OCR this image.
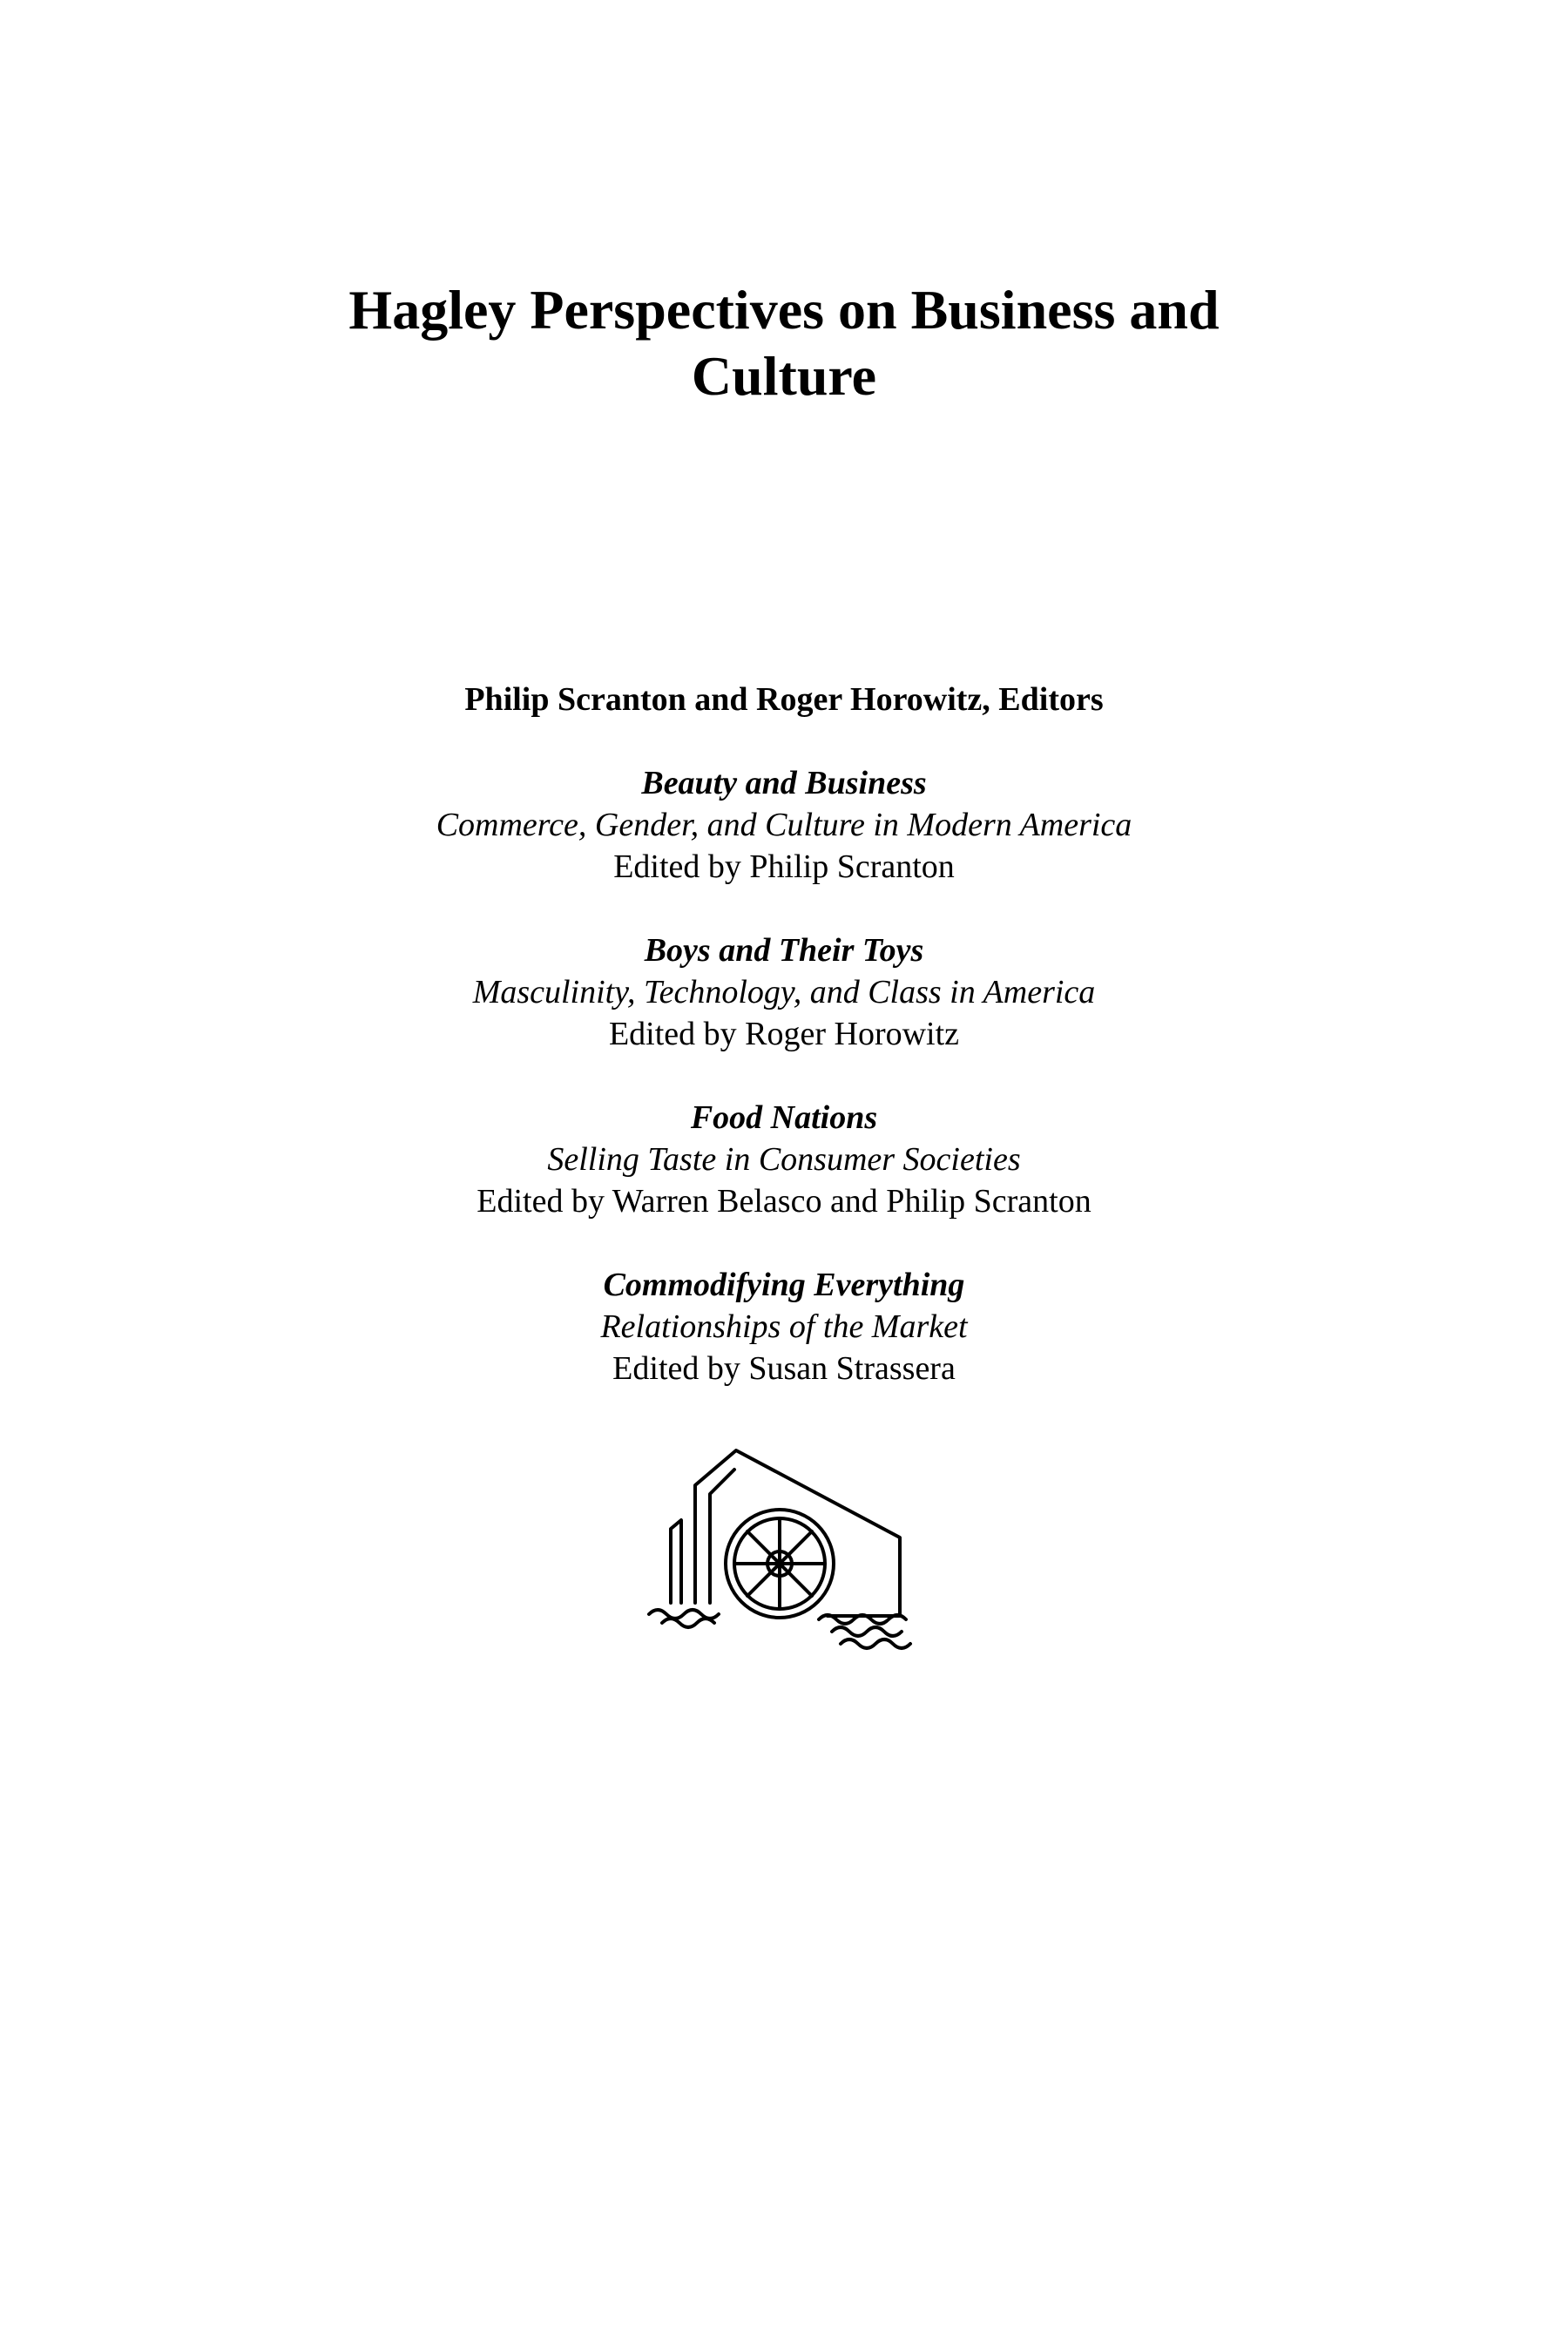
Hagley Perspectives on Business and
Culture

Philip Scranton and Roger Horowitz, Editors

Beauty and Business
Commerce, Gender, and Culture in Modern America
Edited by Philip Scranton
Boys and Their Toys
Masculinity, Technology, and Class in America
Edited by Roger Horowitz
Food Nations
Selling Taste in Consumer Societies
Edited by Warren Belasco and Philip Scranton
Commodifying Everything
Relationships of the Market
Edited by Susan Strassera
